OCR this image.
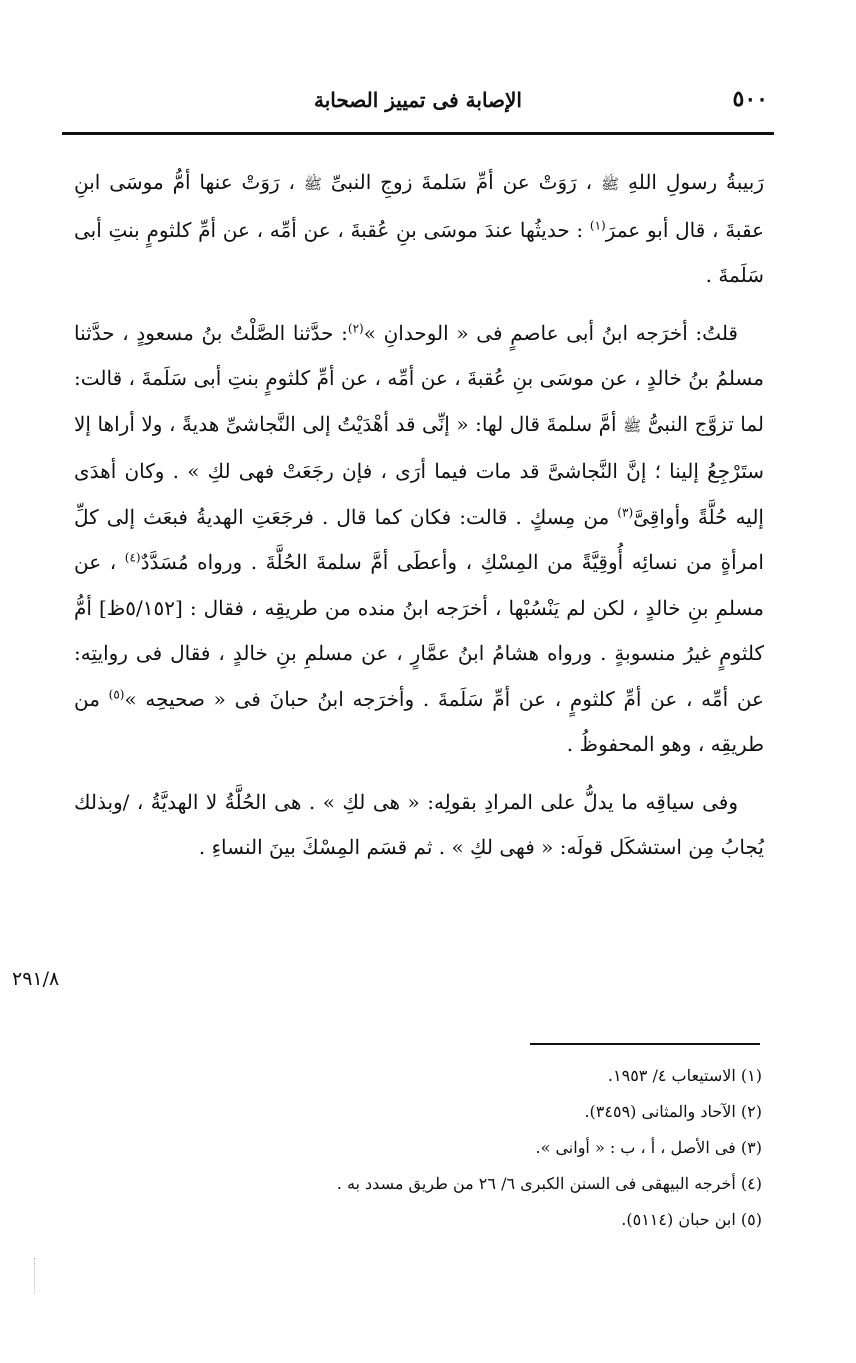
٥٠٠
الإصابة فى تمييز الصحابة

رَبيبةُ رسولِ اللهِ ﷺ ، رَوَتْ عن أمِّ سَلمةَ زوجِ النبىِّ ﷺ ، رَوَتْ عنها أمُّ موسَى ابنِ عقبةَ ، قال أبو عمرَ$^{(١)}$ : حديثُها عندَ موسَى بنِ عُقبةَ ، عن أمِّه ، عن أمِّ كلثومٍ بنتِ أبى سَلَمةَ .

قلتُ: أخرَجه ابنُ أبى عاصمٍ فى « الوحدانِ »$^{(٢)}$: حدَّثنا الصَّلْتُ بنُ مسعودٍ ، حدَّثنا مسلمُ بنُ خالدٍ ، عن موسَى بنِ عُقبةَ ، عن أمِّه ، عن أمِّ كلثومٍ بنتِ أبى سَلَمةَ ، قالت: لما تزوَّج النبىُّ ﷺ أمَّ سلمةَ قال لها: « إنِّى قد أهْدَيْتُ إلى النَّجاشىِّ هديةً ، ولا أراها إلا ستَرْجِعُ إلينا ؛ إنَّ النَّجاشىَّ قد مات فيما أرَى ، فإن رجَعَتْ فهى لكِ » . وكان أهدَى إليه حُلَّةً وأواقِىَّ$^{(٣)}$ من مِسكٍ . قالت: فكان كما قال . فرجَعَتِ الهديةُ فبعَث إلى كلِّ امرأةٍ من نسائِه أُوقِيَّةً من المِسْكِ ، وأعطَى أمَّ سلمةَ الحُلَّةَ . ورواه مُسَدَّدٌ$^{(٤)}$ ، عن مسلمِ بنِ خالدٍ ، لكن لم يَنْسُبْها ، أخرَجه ابنُ منده من طريقِه ، فقال : [٥/١٥٢ظ] أمُّ كلثومٍ غيرُ منسوبةٍ . ورواه هشامُ ابنُ عمَّارٍ ، عن مسلمِ بنِ خالدٍ ، فقال فى روايتِه: عن أمِّه ، عن أمِّ كلثومٍ ، عن أمِّ سَلَمةَ . وأخرَجه ابنُ حبانَ فى « صحيحِه »$^{(٥)}$ من طريقِه ، وهو المحفوظُ .

وفى سياقِه ما يدلُّ على المرادِ بقولِه: « هى لكِ » . هى الحُلَّةُ لا الهديَّةُ ، /وبذلك يُجابُ مِن استشكَل قولَه: « فهى لكِ » . ثم قسَم المِسْكَ بينَ النساءِ .

٢٩١/٨

(١) الاستيعاب ٤/ ١٩٥٣.

(٢) الآحاد والمثانى (٣٤٥٩).

(٣) فى الأصل ، أ ، ب : « أوانى ».

(٤) أخرجه البيهقى فى السنن الكبرى ٦/ ٢٦ من طريق مسدد به .

(٥) ابن حبان (٥١١٤).
